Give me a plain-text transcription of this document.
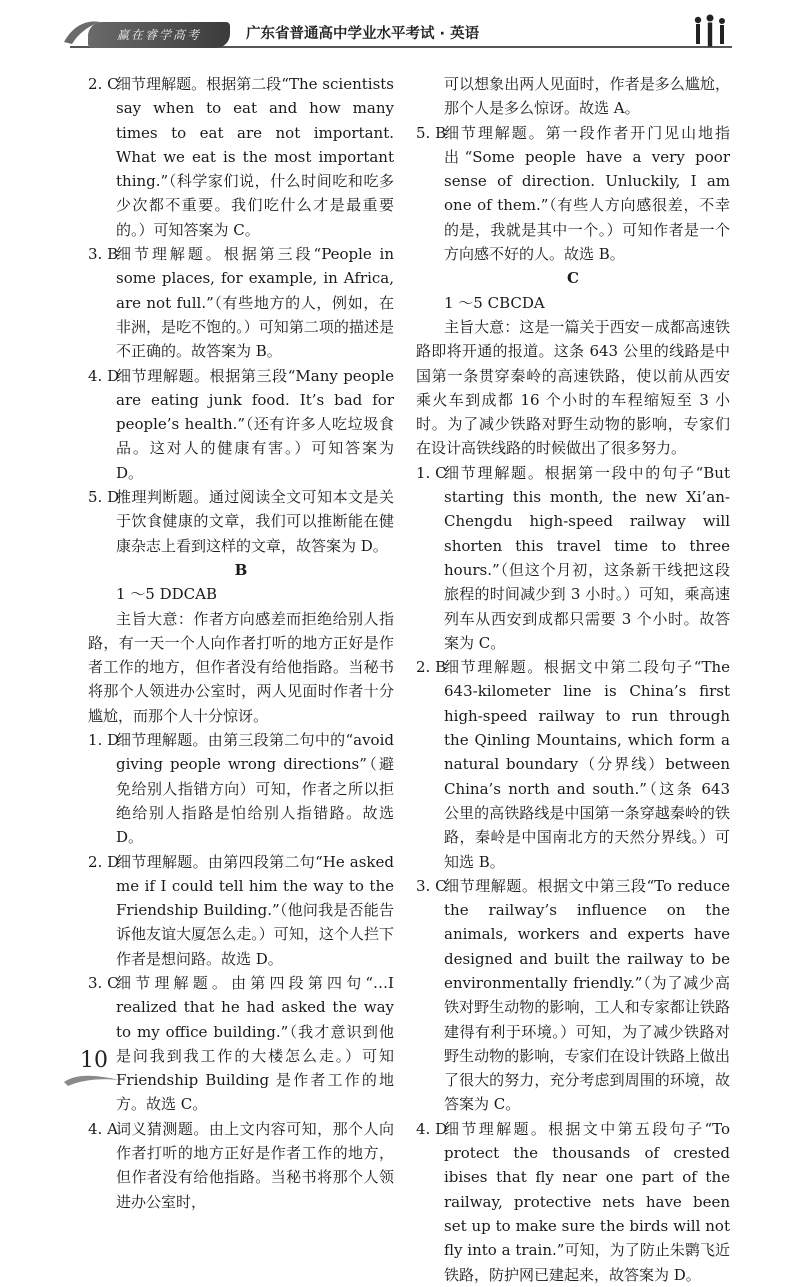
赢在睿学高考	广东省普通高中学业水平考试 · 英语

2. C
细节理解题。根据第二段“The scientists say when to eat and how many times to eat are not important. What we eat is the most important thing.”（科学家们说，什么时间吃和吃多少次都不重要。我们吃什么才是最重要的。）可知答案为 C。

3. B
细节理解题。根据第三段“People in some places, for example, in Africa, are not full.”（有些地方的人，例如，在非洲，是吃不饱的。）可知第二项的描述是不正确的。故答案为 B。

4. D
细节理解题。根据第三段“Many people are eating junk food. It’s bad for people’s health.”（还有许多人吃垃圾食品。这对人的健康有害。）可知答案为 D。

5. D
推理判断题。通过阅读全文可知本文是关于饮食健康的文章，我们可以推断能在健康杂志上看到这样的文章，故答案为 D。

B

1 ～5 DDCAB

主旨大意：作者方向感差而拒绝给别人指路，有一天一个人向作者打听的地方正好是作者工作的地方，但作者没有给他指路。当秘书将那个人领进办公室时，两人见面时作者十分尴尬，而那个人十分惊讶。

1. D
细节理解题。由第三段第二句中的“avoid giving people wrong directions”（避免给别人指错方向）可知，作者之所以拒绝给别人指路是怕给别人指错路。故选 D。

2. D
细节理解题。由第四段第二句“He asked me if I could tell him the way to the Friendship Building.”（他问我是否能告诉他友谊大厦怎么走。）可知，这个人拦下作者是想问路。故选 D。

3. C
细节理解题。由第四段第四句“…I realized that he had asked the way to my office building.”（我才意识到他是问我到我工作的大楼怎么走。）可知 Friendship Building 是作者工作的地方。故选 C。

4. A
词义猜测题。由上文内容可知，那个人向作者打听的地方正好是作者工作的地方，但作者没有给他指路。当秘书将那个人领进办公室时，

可以想象出两人见面时，作者是多么尴尬，那个人是多么惊讶。故选 A。

5. B
细节理解题。第一段作者开门见山地指出“Some people have a very poor sense of direction. Unluckily, I am one of them.”（有些人方向感很差，不幸的是，我就是其中一个。）可知作者是一个方向感不好的人。故选 B。

C

1 ～5 CBCDA

主旨大意：这是一篇关于西安－成都高速铁路即将开通的报道。这条 643 公里的线路是中国第一条贯穿秦岭的高速铁路，使以前从西安乘火车到成都 16 个小时的车程缩短至 3 小时。为了减少铁路对野生动物的影响，专家们在设计高铁线路的时候做出了很多努力。

1. C
细节理解题。根据第一段中的句子“But starting this month, the new Xi’an-Chengdu high-speed railway will shorten this travel time to three hours.”（但这个月初，这条新干线把这段旅程的时间减少到 3 小时。）可知，乘高速列车从西安到成都只需要 3 个小时。故答案为 C。

2. B
细节理解题。根据文中第二段句子“The 643-kilometer line is China’s first high-speed railway to run through the Qinling Mountains, which form a natural boundary（分界线）between China’s north and south.”（这条 643 公里的高铁路线是中国第一条穿越秦岭的铁路，秦岭是中国南北方的天然分界线。）可知选 B。

3. C
细节理解题。根据文中第三段“To reduce the railway’s influence on the animals, workers and experts have designed and built the railway to be environmentally friendly.”（为了减少高铁对野生动物的影响，工人和专家都让铁路建得有利于环境。）可知，为了减少铁路对野生动物的影响，专家们在设计铁路上做出了很大的努力，充分考虑到周围的环境，故答案为 C。

4. D
细节理解题。根据文中第五段句子“To protect the thousands of crested ibises that fly near one part of the railway, protective nets have been set up to make sure the birds will not fly into a train.”可知，为了防止朱鹮飞近铁路，防护网已建起来，故答案为 D。

10
